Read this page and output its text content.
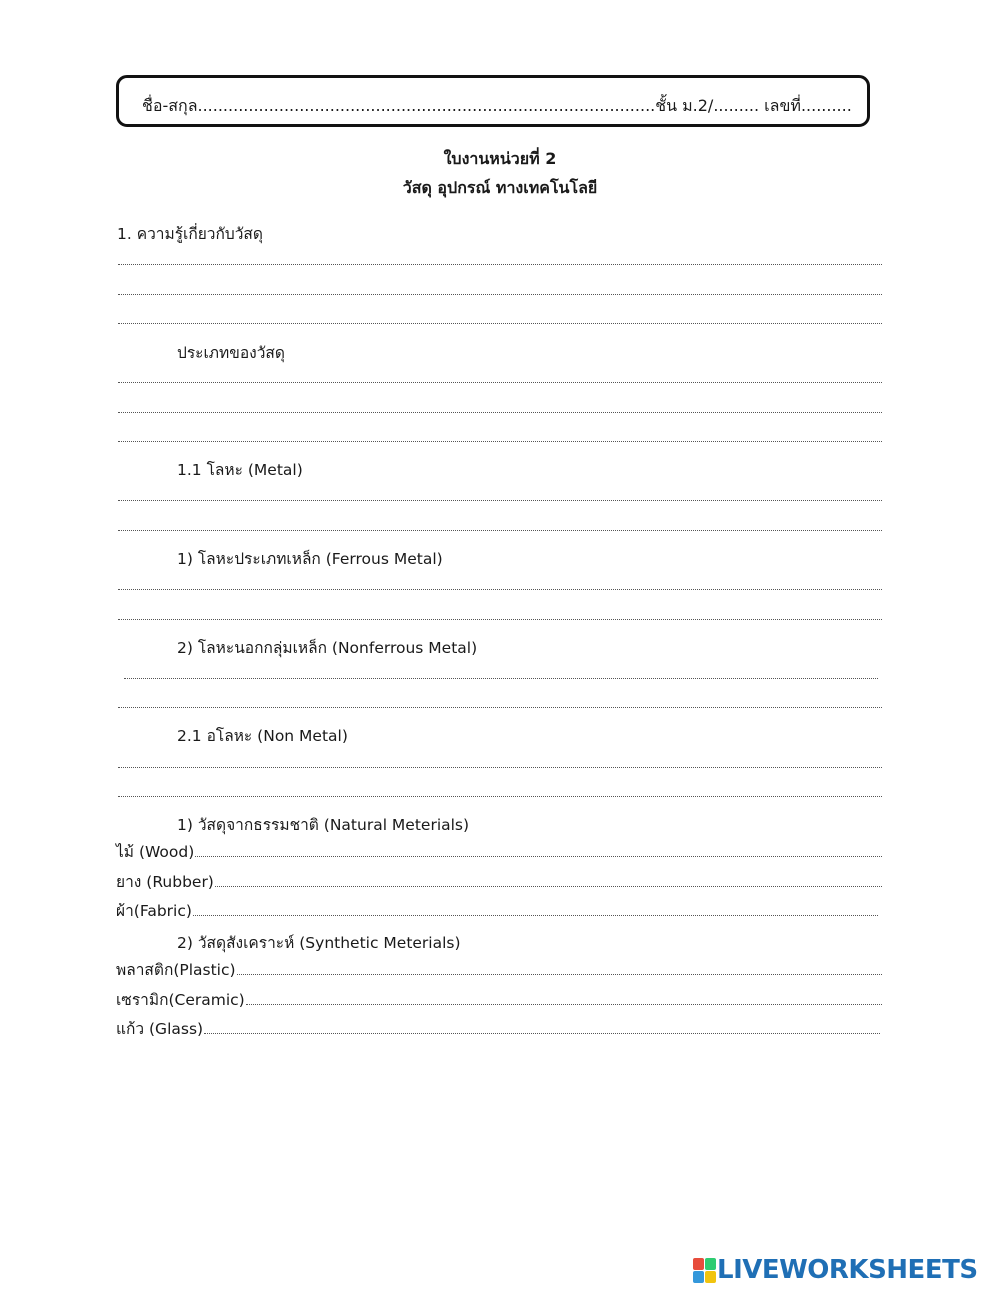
ชื่อ-สกุล..........................................................................................ชั้น ม.2/......... เลขที่..........
ใบงานหน่วยที่ 2
วัสดุ อุปกรณ์ ทางเทคโนโลยี
1. ความรู้เกี่ยวกับวัสดุ
ประเภทของวัสดุ
1.1 โลหะ (Metal)
1) โลหะประเภทเหล็ก (Ferrous Metal)
2) โลหะนอกกลุ่มเหล็ก (Nonferrous Metal)
2.1 อโลหะ (Non Metal)
1) วัสดุจากธรรมชาติ (Natural Meterials)
ไม้ (Wood)
ยาง (Rubber)
ผ้า(Fabric)
2) วัสดุสังเคราะห์ (Synthetic Meterials)
พลาสติก(Plastic)
เซรามิก(Ceramic)
แก้ว (Glass)
LIVEWORKSHEETS
